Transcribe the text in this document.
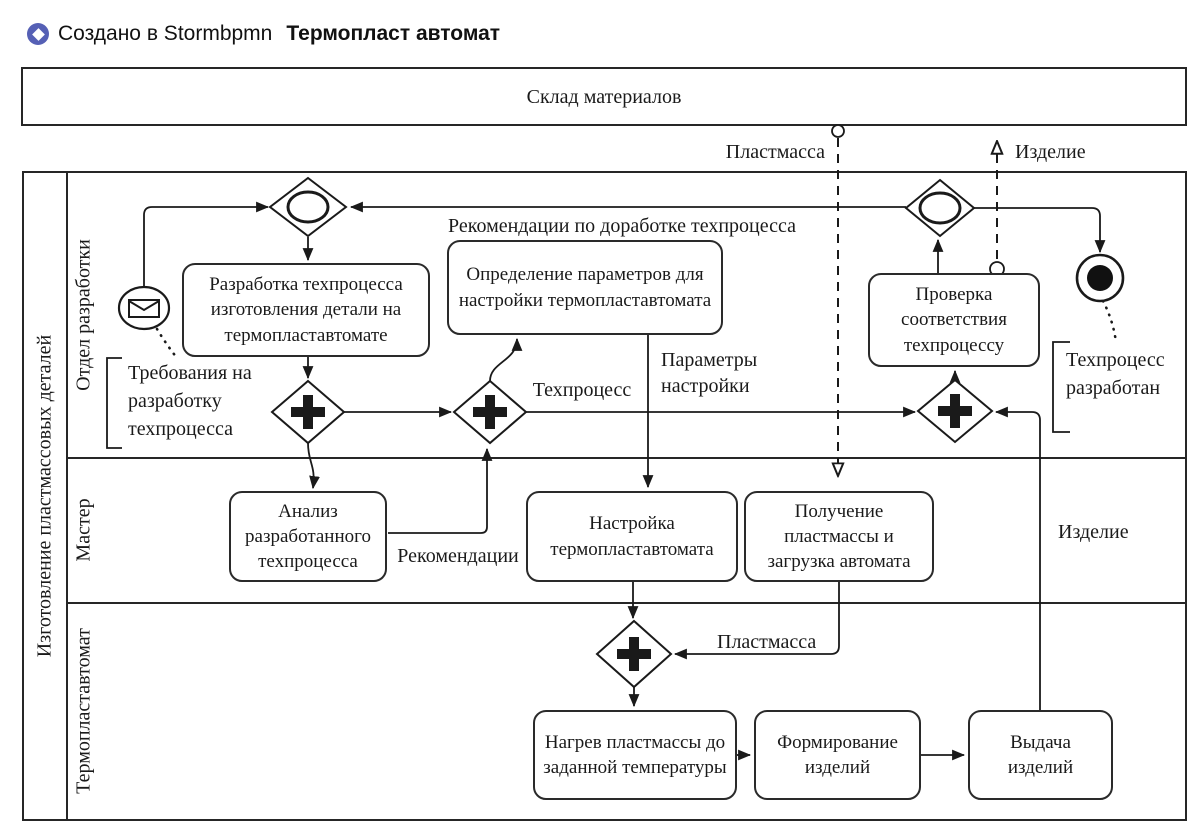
Создано в Stormbpmn Термопласт автомат
Склад материалов
Изготовление пластмассовых деталей
Отдел разработки
Мастер
Термопластавтомат
Разработка техпроцесса изготовления детали на термопластавтомате
Определение параметров для настройки термопластавтомата	Проверка соответствия техпроцессу
Анализ разработанного техпроцесса
Настройка термопластавтомата
Получение пластмассы и загрузка автомата
Нагрев пластмассы до заданной температуры
Формирование изделий
Выдача изделий
Рекомендации по доработке техпроцесса
Техпроцесс
Параметры настройки
Рекомендации
Пластмасса	Изделие
Пластмасса
Изделие
Требования на разработку техпроцесса
Техпроцесс разработан
